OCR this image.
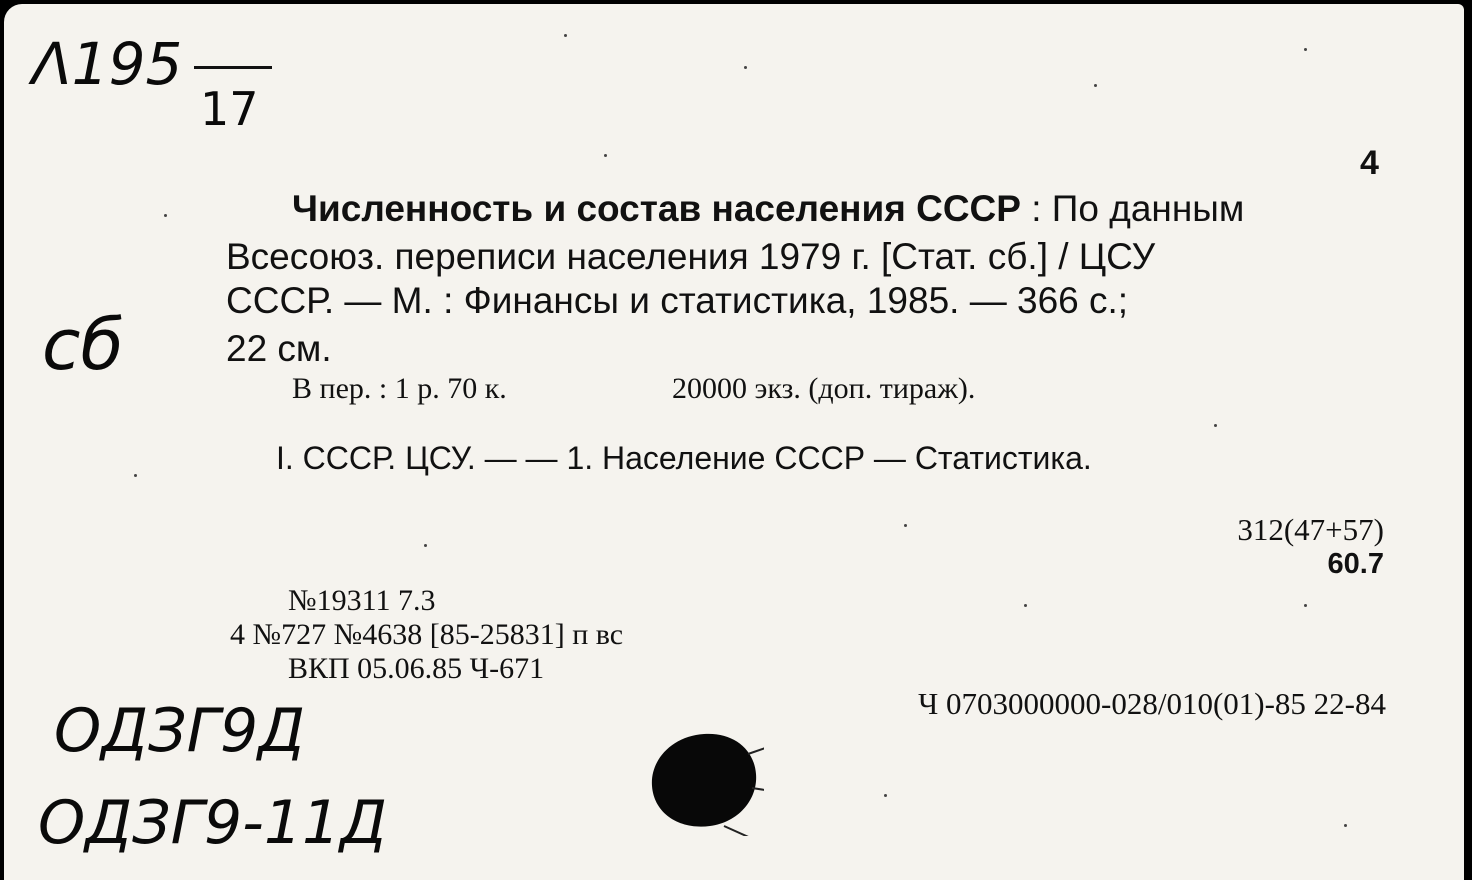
Λ195
17
сб
ОДЗГ9Д
ОДЗГ9-11Д
4
Численность и состав населения СССР : По данным
Всесоюз. переписи населения 1979 г. [Стат. сб.] / ЦСУ
СССР. — М. : Финансы и статистика, 1985. — 366 с.;
22 см.
В пер. : 1 р. 70 к.	20000 экз. (доп. тираж).
I. СССР. ЦСУ. — — 1. Население СССР — Статистика.
312(47+57)
60.7
№19311 7.3
4 №727 №4638 [85-25831] п вс
ВКП 05.06.85 Ч-671
Ч 0703000000-028/010(01)-85 22-84
